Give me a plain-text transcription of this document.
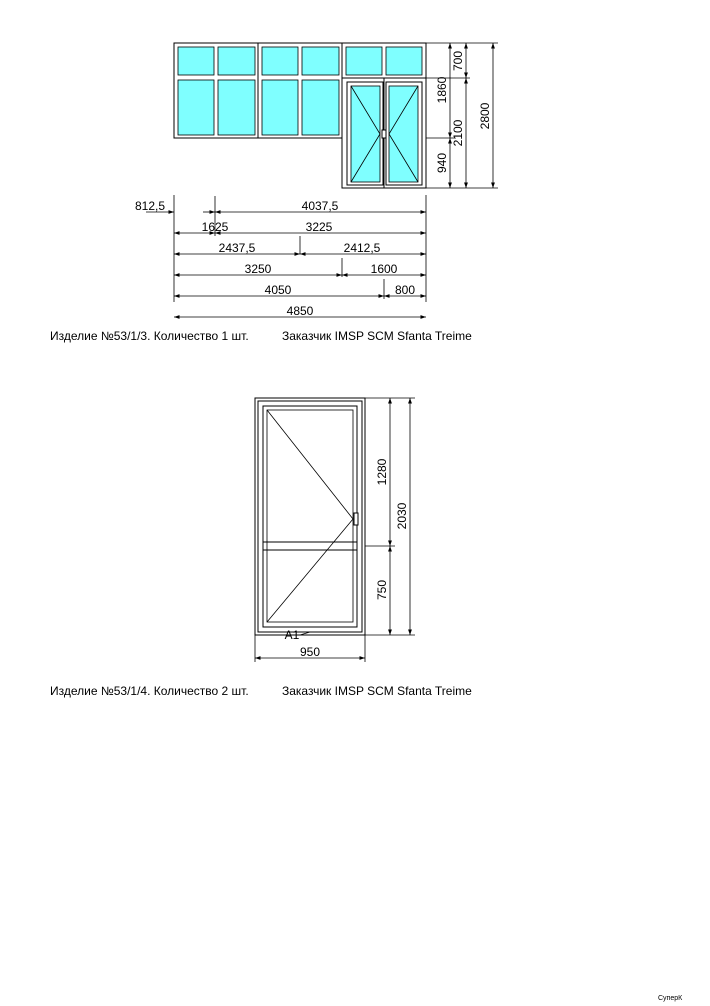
1860
940
700
2100
2800
812,5	4037,5
1625	3225
2437,5	2412,5
3250	1600
4050	800
4850
Изделие №53/1/3. Количество 1 шт.	Заказчик IMSP SCM Sfanta Treime
A1
1280
750
2030
950
Изделие №53/1/4. Количество 2 шт.	Заказчик IMSP SCM Sfanta Treime
СуперК
